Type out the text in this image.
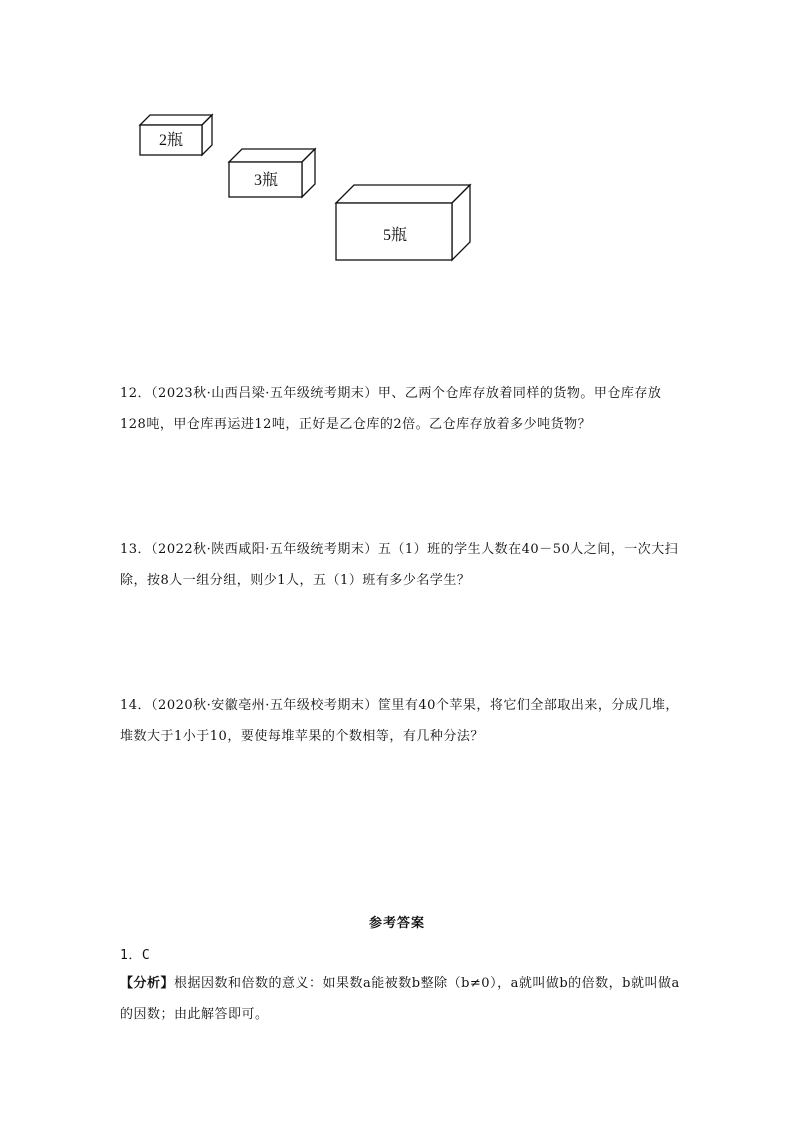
2瓶
3瓶
5瓶

12．（2023秋·山西吕梁·五年级统考期末）甲、乙两个仓库存放着同样的货物。甲仓库存放128吨，甲仓库再运进12吨，正好是乙仓库的2倍。乙仓库存放着多少吨货物？

13．（2022秋·陕西咸阳·五年级统考期末）五（1）班的学生人数在40－50人之间，一次大扫除，按8人一组分组，则少1人，五（1）班有多少名学生？

14．（2020秋·安徽亳州·五年级校考期末）筐里有40个苹果，将它们全部取出来，分成几堆，堆数大于1小于10，要使每堆苹果的个数相等，有几种分法？

参考答案

1．C

【分析】根据因数和倍数的意义：如果数a能被数b整除（b≠0），a就叫做b的倍数，b就叫做a的因数；由此解答即可。
